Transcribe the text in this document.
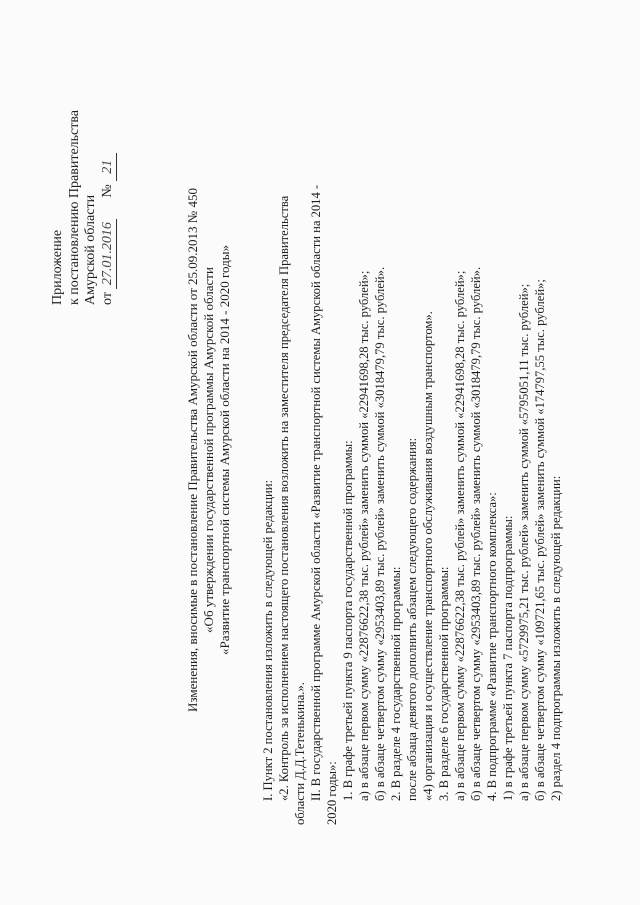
Приложение к постановлению Правительства Амурской области от 27.01.2016      № 21
Изменения, вносимые в постановление Правительства Амурской области от 25.09.2013 № 450 «Об утверждении государственной программы Амурской области «Развитие транспортной системы Амурской области на 2014 - 2020 годы» I. Пункт 2 постановления изложить в следующей редакции: «2. Контроль за исполнением настоящего постановления возложить на заместителя председателя Правительства области Д.Д.Тетенькина.». II. В государственной программе Амурской области «Развитие транспортной системы Амурской области на 2014 - 2020 годы»: 1. В графе третьей пункта 9 паспорта государственной программы: а) в абзаце первом сумму «22876622,38 тыс. рублей» заменить суммой «22941698,28 тыс. рублей»; б) в абзаце четвертом сумму «2953403,89 тыс. рублей» заменить суммой «3018479,79 тыс. рублей». 2. В разделе 4 государственной программы: после абзаца девятого дополнить абзацем следующего содержания: «4) организация и осуществление транспортного обслуживания воздушным транспортом». 3. В разделе 6 государственной программы: а) в абзаце первом сумму «22876622,38 тыс. рублей» заменить суммой «22941698,28 тыс. рублей»; б) в абзаце четвертом сумму «2953403,89 тыс. рублей» заменить суммой «3018479,79 тыс. рублей». 4. В подпрограмме «Развитие транспортного комплекса»: 1) в графе третьей пункта 7 паспорта подпрограммы: а) в абзаце первом сумму «5729975,21 тыс. рублей» заменить суммой «5795051,11 тыс. рублей»; б) в абзаце четвертом сумму «109721,65 тыс. рублей» заменить суммой «174797,55 тыс. рублей»; 2) раздел 4 подпрограммы изложить в следующей редакции:
